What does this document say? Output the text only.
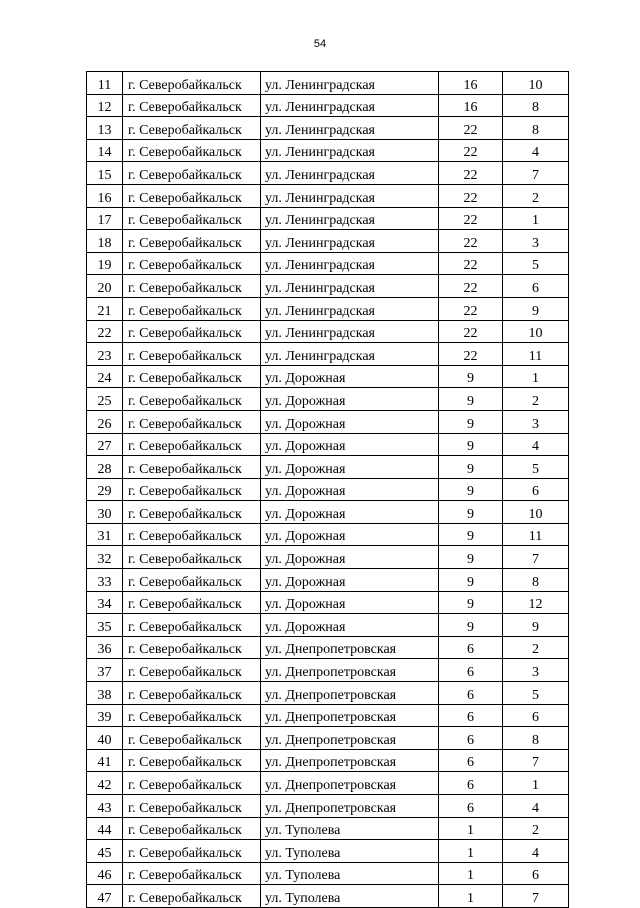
54
11	г. Северобайкальск	ул. Ленинградская	16	10
12	г. Северобайкальск	ул. Ленинградская	16	8
13	г. Северобайкальск	ул. Ленинградская	22	8
14	г. Северобайкальск	ул. Ленинградская	22	4
15	г. Северобайкальск	ул. Ленинградская	22	7
16	г. Северобайкальск	ул. Ленинградская	22	2
17	г. Северобайкальск	ул. Ленинградская	22	1
18	г. Северобайкальск	ул. Ленинградская	22	3
19	г. Северобайкальск	ул. Ленинградская	22	5
20	г. Северобайкальск	ул. Ленинградская	22	6
21	г. Северобайкальск	ул. Ленинградская	22	9
22	г. Северобайкальск	ул. Ленинградская	22	10
23	г. Северобайкальск	ул. Ленинградская	22	11
24	г. Северобайкальск	ул. Дорожная	9	1
25	г. Северобайкальск	ул. Дорожная	9	2
26	г. Северобайкальск	ул. Дорожная	9	3
27	г. Северобайкальск	ул. Дорожная	9	4
28	г. Северобайкальск	ул. Дорожная	9	5
29	г. Северобайкальск	ул. Дорожная	9	6
30	г. Северобайкальск	ул. Дорожная	9	10
31	г. Северобайкальск	ул. Дорожная	9	11
32	г. Северобайкальск	ул. Дорожная	9	7
33	г. Северобайкальск	ул. Дорожная	9	8
34	г. Северобайкальск	ул. Дорожная	9	12
35	г. Северобайкальск	ул. Дорожная	9	9
36	г. Северобайкальск	ул. Днепропетровская	6	2
37	г. Северобайкальск	ул. Днепропетровская	6	3
38	г. Северобайкальск	ул. Днепропетровская	6	5
39	г. Северобайкальск	ул. Днепропетровская	6	6
40	г. Северобайкальск	ул. Днепропетровская	6	8
41	г. Северобайкальск	ул. Днепропетровская	6	7
42	г. Северобайкальск	ул. Днепропетровская	6	1
43	г. Северобайкальск	ул. Днепропетровская	6	4
44	г. Северобайкальск	ул. Туполева	1	2
45	г. Северобайкальск	ул. Туполева	1	4
46	г. Северобайкальск	ул. Туполева	1	6
47	г. Северобайкальск	ул. Туполева	1	7
